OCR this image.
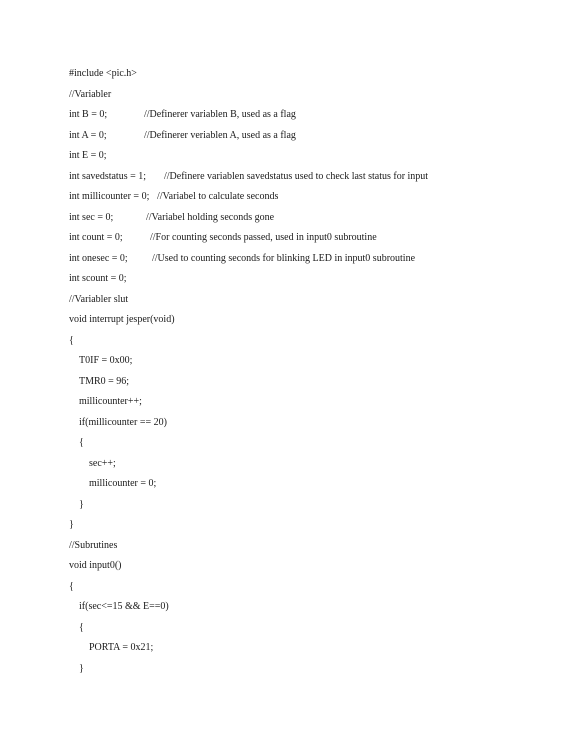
#include <pic.h>
//Variabler
int B = 0;	//Definerer variablen B, used as a flag
int A = 0;	//Definerer veriablen A, used as a flag
int E = 0;
int savedstatus = 1; //Definere variablen savedstatus used to check last status for input
int millicounter = 0; //Variabel to calculate seconds
int sec = 0;	//Variabel holding seconds gone
int count = 0;	//For counting seconds passed, used in input0 subroutine
int onesec = 0; //Used to counting seconds for blinking LED in input0 subroutine
int scount = 0;
//Variabler slut
void interrupt jesper(void)
{
T0IF = 0x00;
TMR0 = 96;
millicounter++;
if(millicounter == 20)
{
sec++;
millicounter = 0;
}
}
//Subrutines
void input0()
{
if(sec<=15 && E==0)
{
PORTA = 0x21;
}
